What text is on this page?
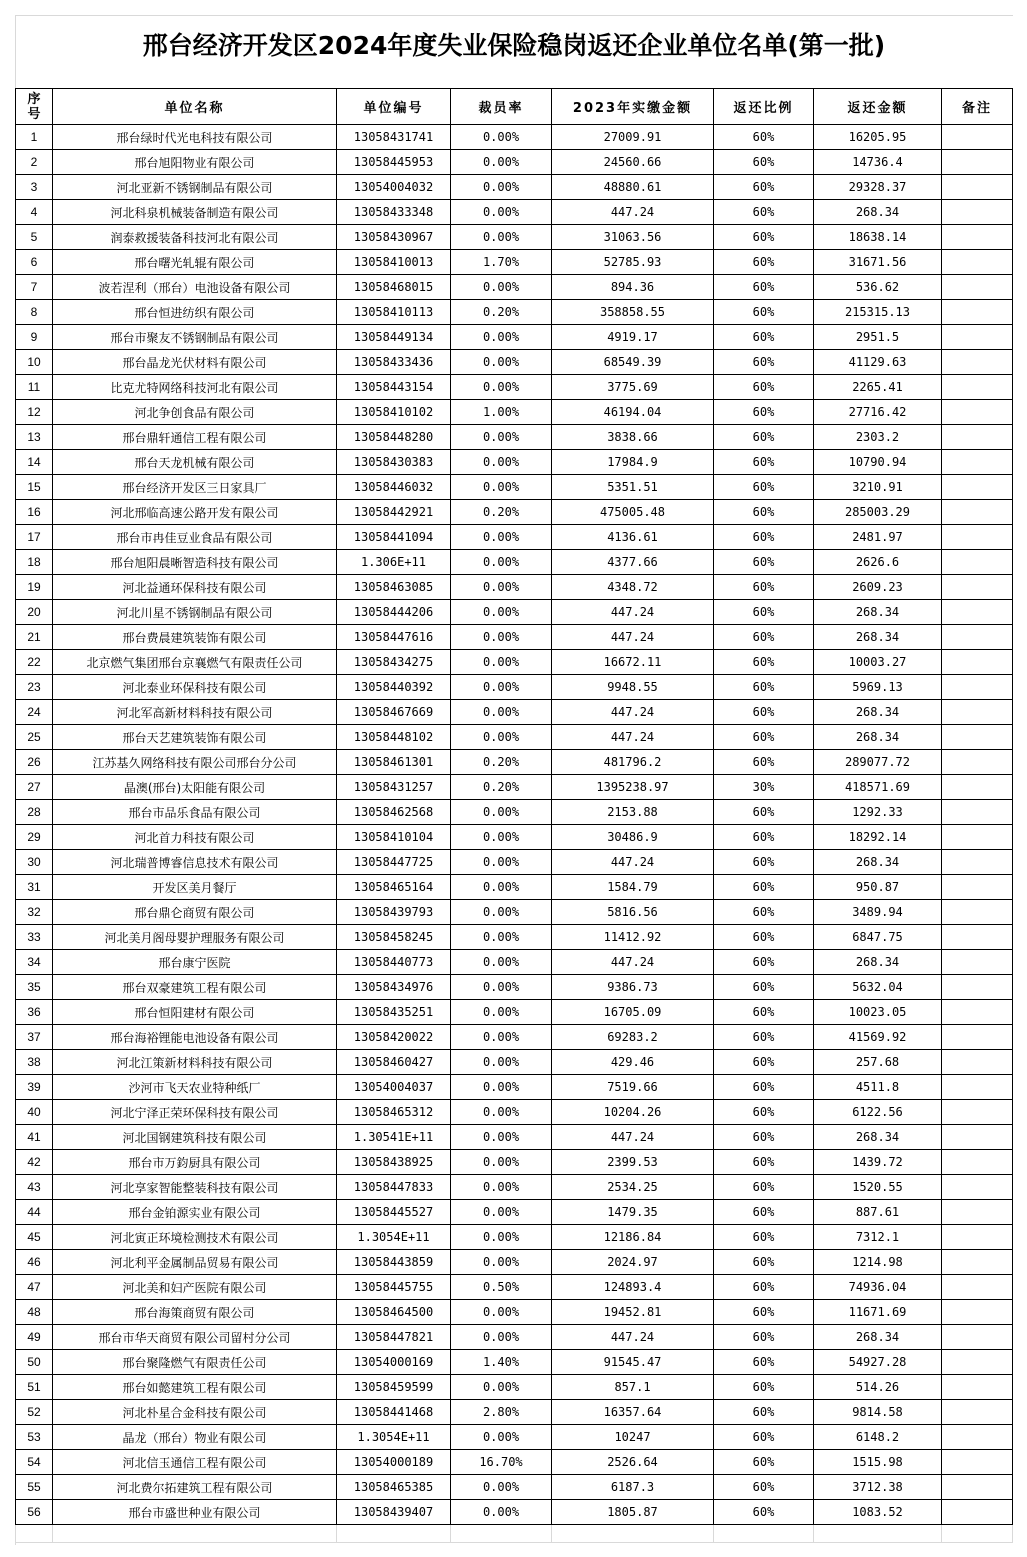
邢台经济开发区2024年度失业保险稳岗返还企业单位名单(第一批)
序
号	单位名称	单位编号	裁员率	2023年实缴金额	返还比例	返还金额	备注
1	邢台绿时代光电科技有限公司	13058431741	0.00%	27009.91	60%	16205.95	
2	邢台旭阳物业有限公司	13058445953	0.00%	24560.66	60%	14736.4	
3	河北亚新不锈钢制品有限公司	13054004032	0.00%	48880.61	60%	29328.37	
4	河北科泉机械装备制造有限公司	13058433348	0.00%	447.24	60%	268.34	
5	润泰救援装备科技河北有限公司	13058430967	0.00%	31063.56	60%	18638.14	
6	邢台曙光轧辊有限公司	13058410013	1.70%	52785.93	60%	31671.56	
7	波若涅利（邢台）电池设备有限公司	13058468015	0.00%	894.36	60%	536.62	
8	邢台恒进纺织有限公司	13058410113	0.20%	358858.55	60%	215315.13	
9	邢台市聚友不锈钢制品有限公司	13058449134	0.00%	4919.17	60%	2951.5	
10	邢台晶龙光伏材料有限公司	13058433436	0.00%	68549.39	60%	41129.63	
11	比克尤特网络科技河北有限公司	13058443154	0.00%	3775.69	60%	2265.41	
12	河北争创食品有限公司	13058410102	1.00%	46194.04	60%	27716.42	
13	邢台鼎轩通信工程有限公司	13058448280	0.00%	3838.66	60%	2303.2	
14	邢台天龙机械有限公司	13058430383	0.00%	17984.9	60%	10790.94	
15	邢台经济开发区三日家具厂	13058446032	0.00%	5351.51	60%	3210.91	
16	河北邢临高速公路开发有限公司	13058442921	0.20%	475005.48	60%	285003.29	
17	邢台市冉佳豆业食品有限公司	13058441094	0.00%	4136.61	60%	2481.97	
18	邢台旭阳晨晰智造科技有限公司	1.306E+11	0.00%	4377.66	60%	2626.6	
19	河北益通环保科技有限公司	13058463085	0.00%	4348.72	60%	2609.23	
20	河北川星不锈钢制品有限公司	13058444206	0.00%	447.24	60%	268.34	
21	邢台费晨建筑装饰有限公司	13058447616	0.00%	447.24	60%	268.34	
22	北京燃气集团邢台京襄燃气有限责任公司	13058434275	0.00%	16672.11	60%	10003.27	
23	河北泰业环保科技有限公司	13058440392	0.00%	9948.55	60%	5969.13	
24	河北军高新材料科技有限公司	13058467669	0.00%	447.24	60%	268.34	
25	邢台天艺建筑装饰有限公司	13058448102	0.00%	447.24	60%	268.34	
26	江苏基久网络科技有限公司邢台分公司	13058461301	0.20%	481796.2	60%	289077.72	
27	晶澳(邢台)太阳能有限公司	13058431257	0.20%	1395238.97	30%	418571.69	
28	邢台市品乐食品有限公司	13058462568	0.00%	2153.88	60%	1292.33	
29	河北首力科技有限公司	13058410104	0.00%	30486.9	60%	18292.14	
30	河北瑞普博睿信息技术有限公司	13058447725	0.00%	447.24	60%	268.34	
31	开发区美月餐厅	13058465164	0.00%	1584.79	60%	950.87	
32	邢台鼎仑商贸有限公司	13058439793	0.00%	5816.56	60%	3489.94	
33	河北美月阁母婴护理服务有限公司	13058458245	0.00%	11412.92	60%	6847.75	
34	邢台康宁医院	13058440773	0.00%	447.24	60%	268.34	
35	邢台双豪建筑工程有限公司	13058434976	0.00%	9386.73	60%	5632.04	
36	邢台恒阳建材有限公司	13058435251	0.00%	16705.09	60%	10023.05	
37	邢台海裕锂能电池设备有限公司	13058420022	0.00%	69283.2	60%	41569.92	
38	河北江策新材料科技有限公司	13058460427	0.00%	429.46	60%	257.68	
39	沙河市飞天农业特种纸厂	13054004037	0.00%	7519.66	60%	4511.8	
40	河北宁泽正荣环保科技有限公司	13058465312	0.00%	10204.26	60%	6122.56	
41	河北国钢建筑科技有限公司	1.30541E+11	0.00%	447.24	60%	268.34	
42	邢台市万鈞厨具有限公司	13058438925	0.00%	2399.53	60%	1439.72	
43	河北享家智能整装科技有限公司	13058447833	0.00%	2534.25	60%	1520.55	
44	邢台金铂源实业有限公司	13058445527	0.00%	1479.35	60%	887.61	
45	河北寅正环境检测技术有限公司	1.3054E+11	0.00%	12186.84	60%	7312.1	
46	河北利平金属制品贸易有限公司	13058443859	0.00%	2024.97	60%	1214.98	
47	河北美和妇产医院有限公司	13058445755	0.50%	124893.4	60%	74936.04	
48	邢台海策商贸有限公司	13058464500	0.00%	19452.81	60%	11671.69	
49	邢台市华天商贸有限公司留村分公司	13058447821	0.00%	447.24	60%	268.34	
50	邢台聚隆燃气有限责任公司	13054000169	1.40%	91545.47	60%	54927.28	
51	邢台如懿建筑工程有限公司	13058459599	0.00%	857.1	60%	514.26	
52	河北朴星合金科技有限公司	13058441468	2.80%	16357.64	60%	9814.58	
53	晶龙（邢台）物业有限公司	1.3054E+11	0.00%	10247	60%	6148.2	
54	河北信玉通信工程有限公司	13054000189	16.70%	2526.64	60%	1515.98	
55	河北费尔拓建筑工程有限公司	13058465385	0.00%	6187.3	60%	3712.38	
56	邢台市盛世种业有限公司	13058439407	0.00%	1805.87	60%	1083.52	
